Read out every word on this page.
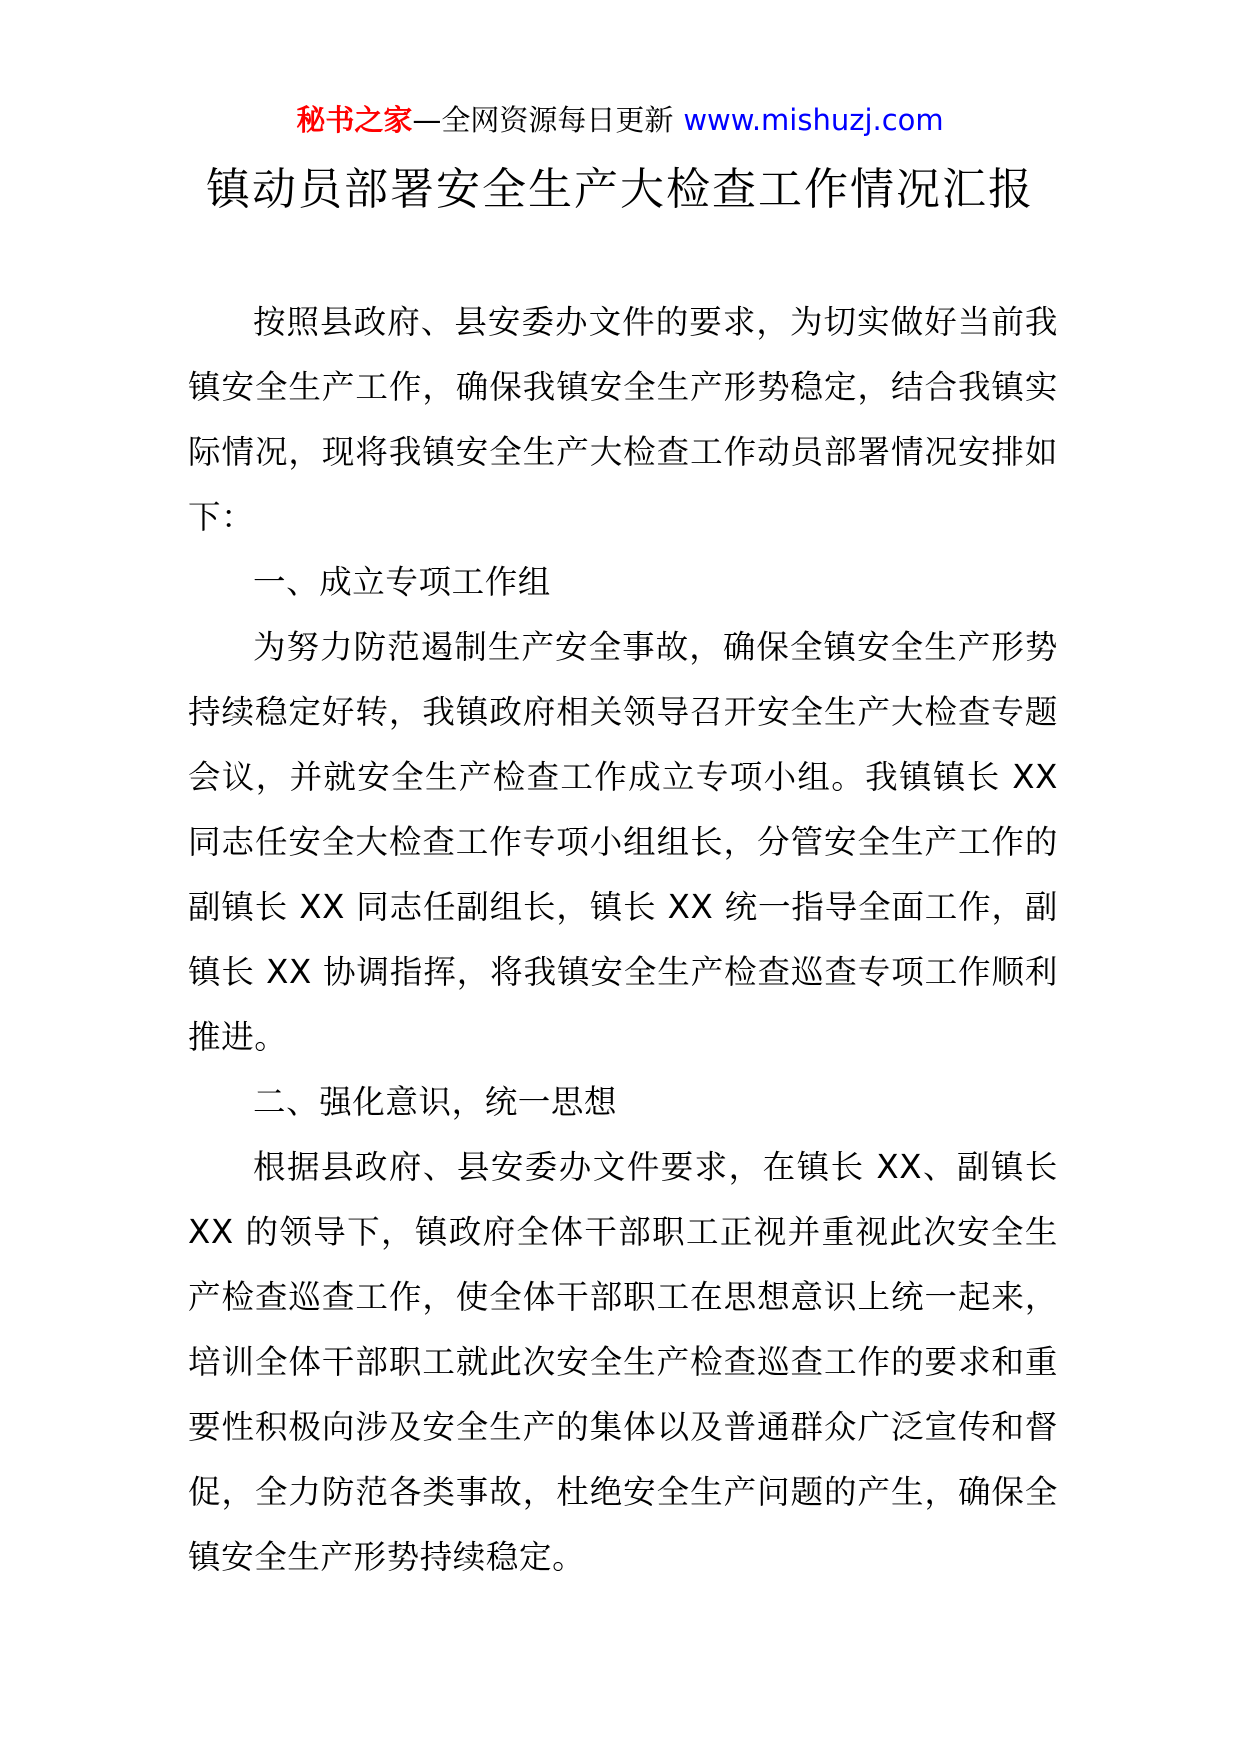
秘书之家—全网资源每日更新 www.mishuzj.com
镇动员部署安全生产大检查工作情况汇报

按照县政府、县安委办文件的要求，为切实做好当前我镇安全生产工作，确保我镇安全生产形势稳定，结合我镇实际情况，现将我镇安全生产大检查工作动员部署情况安排如下：

一、成立专项工作组

为努力防范遏制生产安全事故，确保全镇安全生产形势持续稳定好转，我镇政府相关领导召开安全生产大检查专题会议，并就安全生产检查工作成立专项小组。我镇镇长 XX 同志任安全大检查工作专项小组组长，分管安全生产工作的副镇长 XX 同志任副组长，镇长 XX 统一指导全面工作，副镇长 XX 协调指挥，将我镇安全生产检查巡查专项工作顺利推进。

二、强化意识，统一思想

根据县政府、县安委办文件要求，在镇长 XX、副镇长 XX 的领导下，镇政府全体干部职工正视并重视此次安全生产检查巡查工作，使全体干部职工在思想意识上统一起来，培训全体干部职工就此次安全生产检查巡查工作的要求和重要性积极向涉及安全生产的集体以及普通群众广泛宣传和督促，全力防范各类事故，杜绝安全生产问题的产生，确保全镇安全生产形势持续稳定。
